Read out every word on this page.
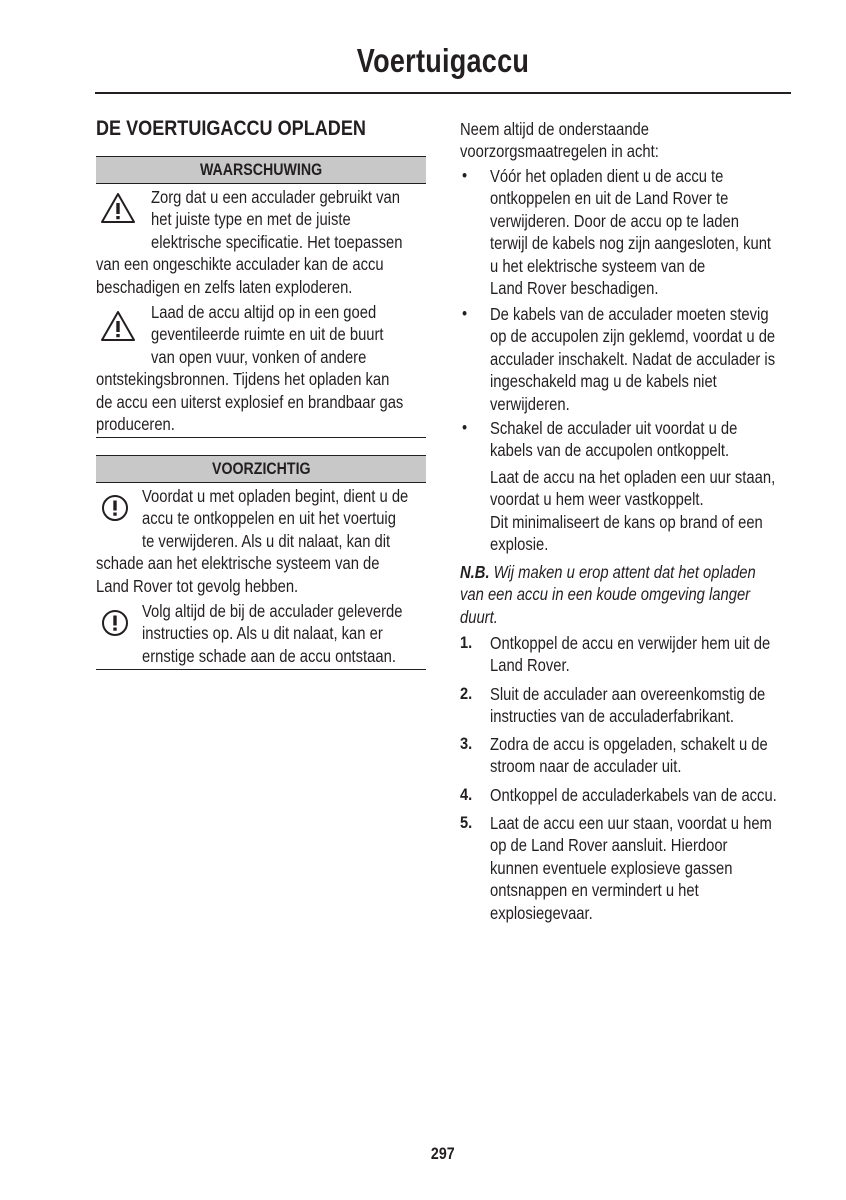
Voertuigaccu
DE VOERTUIGACCU OPLADEN
WAARSCHUWING
Zorg dat u een acculader gebruikt van
het juiste type en met de juiste
elektrische specificatie. Het toepassen
van een ongeschikte acculader kan de accu
beschadigen en zelfs laten exploderen.
Laad de accu altijd op in een goed
geventileerde ruimte en uit de buurt
van open vuur, vonken of andere
ontstekingsbronnen. Tijdens het opladen kan
de accu een uiterst explosief en brandbaar gas
produceren.
VOORZICHTIG
Voordat u met opladen begint, dient u de
accu te ontkoppelen en uit het voertuig
te verwijderen. Als u dit nalaat, kan dit
schade aan het elektrische systeem van de
Land Rover tot gevolg hebben.
Volg altijd de bij de acculader geleverde
instructies op. Als u dit nalaat, kan er
ernstige schade aan de accu ontstaan.
Neem altijd de onderstaande
voorzorgsmaatregelen in acht:
• Vóór het opladen dient u de accu te
ontkoppelen en uit de Land Rover te
verwijderen. Door de accu op te laden
terwijl de kabels nog zijn aangesloten, kunt
u het elektrische systeem van de
Land Rover beschadigen.
• De kabels van de acculader moeten stevig
op de accupolen zijn geklemd, voordat u de
acculader inschakelt. Nadat de acculader is
ingeschakeld mag u de kabels niet
verwijderen.
• Schakel de acculader uit voordat u de
kabels van de accupolen ontkoppelt.
Laat de accu na het opladen een uur staan,
voordat u hem weer vastkoppelt.
Dit minimaliseert de kans op brand of een
explosie.
N.B. Wij maken u erop attent dat het opladen
van een accu in een koude omgeving langer
duurt.
1. Ontkoppel de accu en verwijder hem uit de
Land Rover.
2. Sluit de acculader aan overeenkomstig de
instructies van de acculaderfabrikant.
3. Zodra de accu is opgeladen, schakelt u de
stroom naar de acculader uit.
4. Ontkoppel de acculaderkabels van de accu.
5. Laat de accu een uur staan, voordat u hem
op de Land Rover aansluit. Hierdoor
kunnen eventuele explosieve gassen
ontsnappen en vermindert u het
explosiegevaar.
297
